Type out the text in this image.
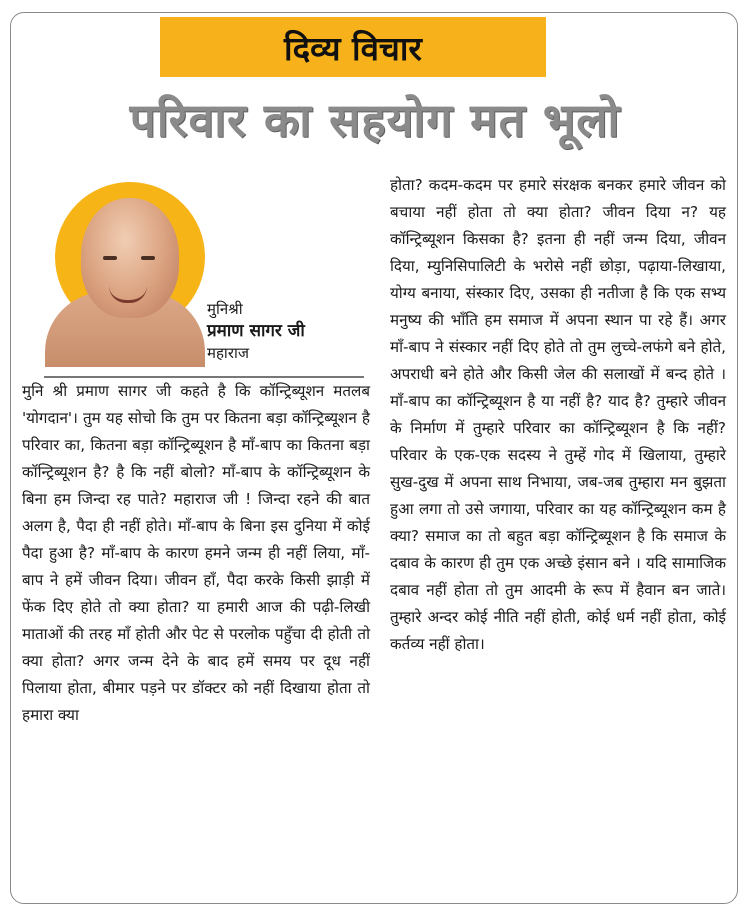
दिव्य विचार
परिवार का सहयोग मत भूलो
मुनिश्री
प्रमाण सागर जी
महाराज

मुनि श्री प्रमाण सागर जी कहते है कि कॉन्ट्रिब्यूशन मतलब 'योगदान'। तुम यह सोचो कि तुम पर कितना बड़ा कॉन्ट्रिब्यूशन है परिवार का, कितना बड़ा कॉन्ट्रिब्यूशन है माँ-बाप का कितना बड़ा कॉन्ट्रिब्यूशन है? है कि नहीं बोलो? माँ-बाप के कॉन्ट्रिब्यूशन के बिना हम जिन्दा रह पाते? महाराज जी ! जिन्दा रहने की बात अलग है, पैदा ही नहीं होते। माँ-बाप के बिना इस दुनिया में कोई पैदा हुआ है? माँ-बाप के कारण हमने जन्म ही नहीं लिया, माँ-बाप ने हमें जीवन दिया। जीवन हाँ, पैदा करके किसी झाड़ी में फेंक दिए होते तो क्या होता? या हमारी आज की पढ़ी-लिखी माताओं की तरह माँ होती और पेट से परलोक पहुँचा दी होती तो क्या होता? अगर जन्म देने के बाद हमें समय पर दूध नहीं पिलाया होता, बीमार पड़ने पर डॉक्टर को नहीं दिखाया होता तो हमारा क्या

होता? कदम-कदम पर हमारे संरक्षक बनकर हमारे जीवन को बचाया नहीं होता तो क्या होता? जीवन दिया न? यह कॉन्ट्रिब्यूशन किसका है? इतना ही नहीं जन्म दिया, जीवन दिया, म्युनिसिपालिटी के भरोसे नहीं छोड़ा, पढ़ाया-लिखाया, योग्य बनाया, संस्कार दिए, उसका ही नतीजा है कि एक सभ्य मनुष्य की भाँति हम समाज में अपना स्थान पा रहे हैं। अगर माँ-बाप ने संस्कार नहीं दिए होते तो तुम लुच्चे-लफंगे बने होते, अपराधी बने होते और किसी जेल की सलाखों में बन्द होते । माँ-बाप का कॉन्ट्रिब्यूशन है या नहीं है? याद है? तुम्हारे जीवन के निर्माण में तुम्हारे परिवार का कॉन्ट्रिब्यूशन है कि नहीं? परिवार के एक-एक सदस्य ने तुम्हें गोद में खिलाया, तुम्हारे सुख-दुख में अपना साथ निभाया, जब-जब तुम्हारा मन बुझता हुआ लगा तो उसे जगाया, परिवार का यह कॉन्ट्रिब्यूशन कम है क्या? समाज का तो बहुत बड़ा कॉन्ट्रिब्यूशन है कि समाज के दबाव के कारण ही तुम एक अच्छे इंसान बने । यदि सामाजिक दबाव नहीं होता तो तुम आदमी के रूप में हैवान बन जाते। तुम्हारे अन्दर कोई नीति नहीं होती, कोई धर्म नहीं होता, कोई कर्तव्य नहीं होता।
